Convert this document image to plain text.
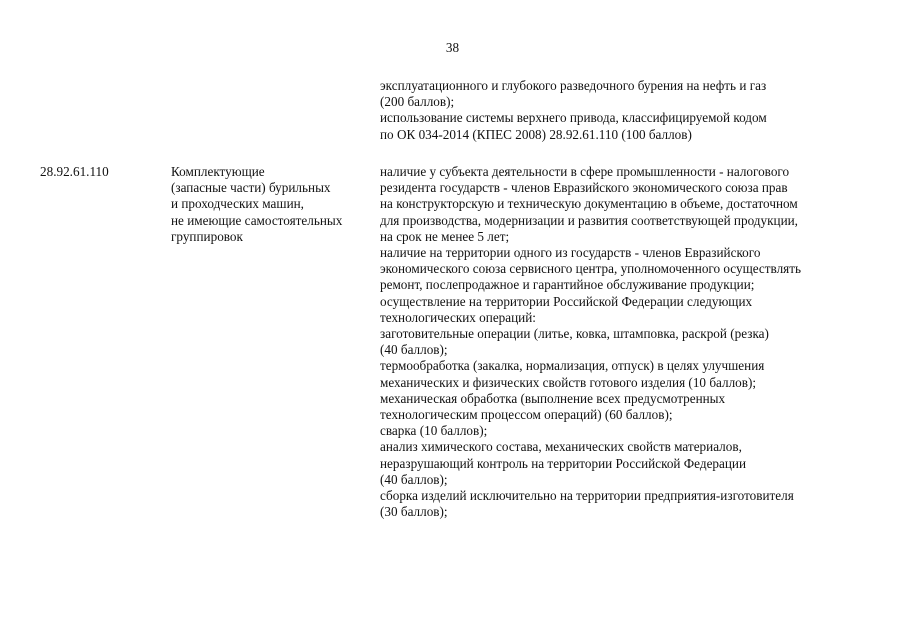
38
эксплуатационного и глубокого разведочного бурения на нефть и газ
(200 баллов);
использование системы верхнего привода, классифицируемой кодом
по ОК 034-2014 (КПЕС 2008) 28.92.61.110 (100 баллов)
28.92.61.110	Комплектующие
(запасные части) бурильных
и проходческих машин,
не имеющие самостоятельных
группировок
наличие у субъекта деятельности в сфере промышленности - налогового
резидента государств - членов Евразийского экономического союза прав
на конструкторскую и техническую документацию в объеме, достаточном
для производства, модернизации и развития соответствующей продукции,
на срок не менее 5 лет;
наличие на территории одного из государств - членов Евразийского
экономического союза сервисного центра, уполномоченного осуществлять
ремонт, послепродажное и гарантийное обслуживание продукции;
осуществление на территории Российской Федерации следующих
технологических операций:
заготовительные операции (литье, ковка, штамповка, раскрой (резка)
(40 баллов);
термообработка (закалка, нормализация, отпуск) в целях улучшения
механических и физических свойств готового изделия (10 баллов);
механическая обработка (выполнение всех предусмотренных
технологическим процессом операций) (60 баллов);
сварка (10 баллов);
анализ химического состава, механических свойств материалов,
неразрушающий контроль на территории Российской Федерации
(40 баллов);
сборка изделий исключительно на территории предприятия-изготовителя
(30 баллов);
